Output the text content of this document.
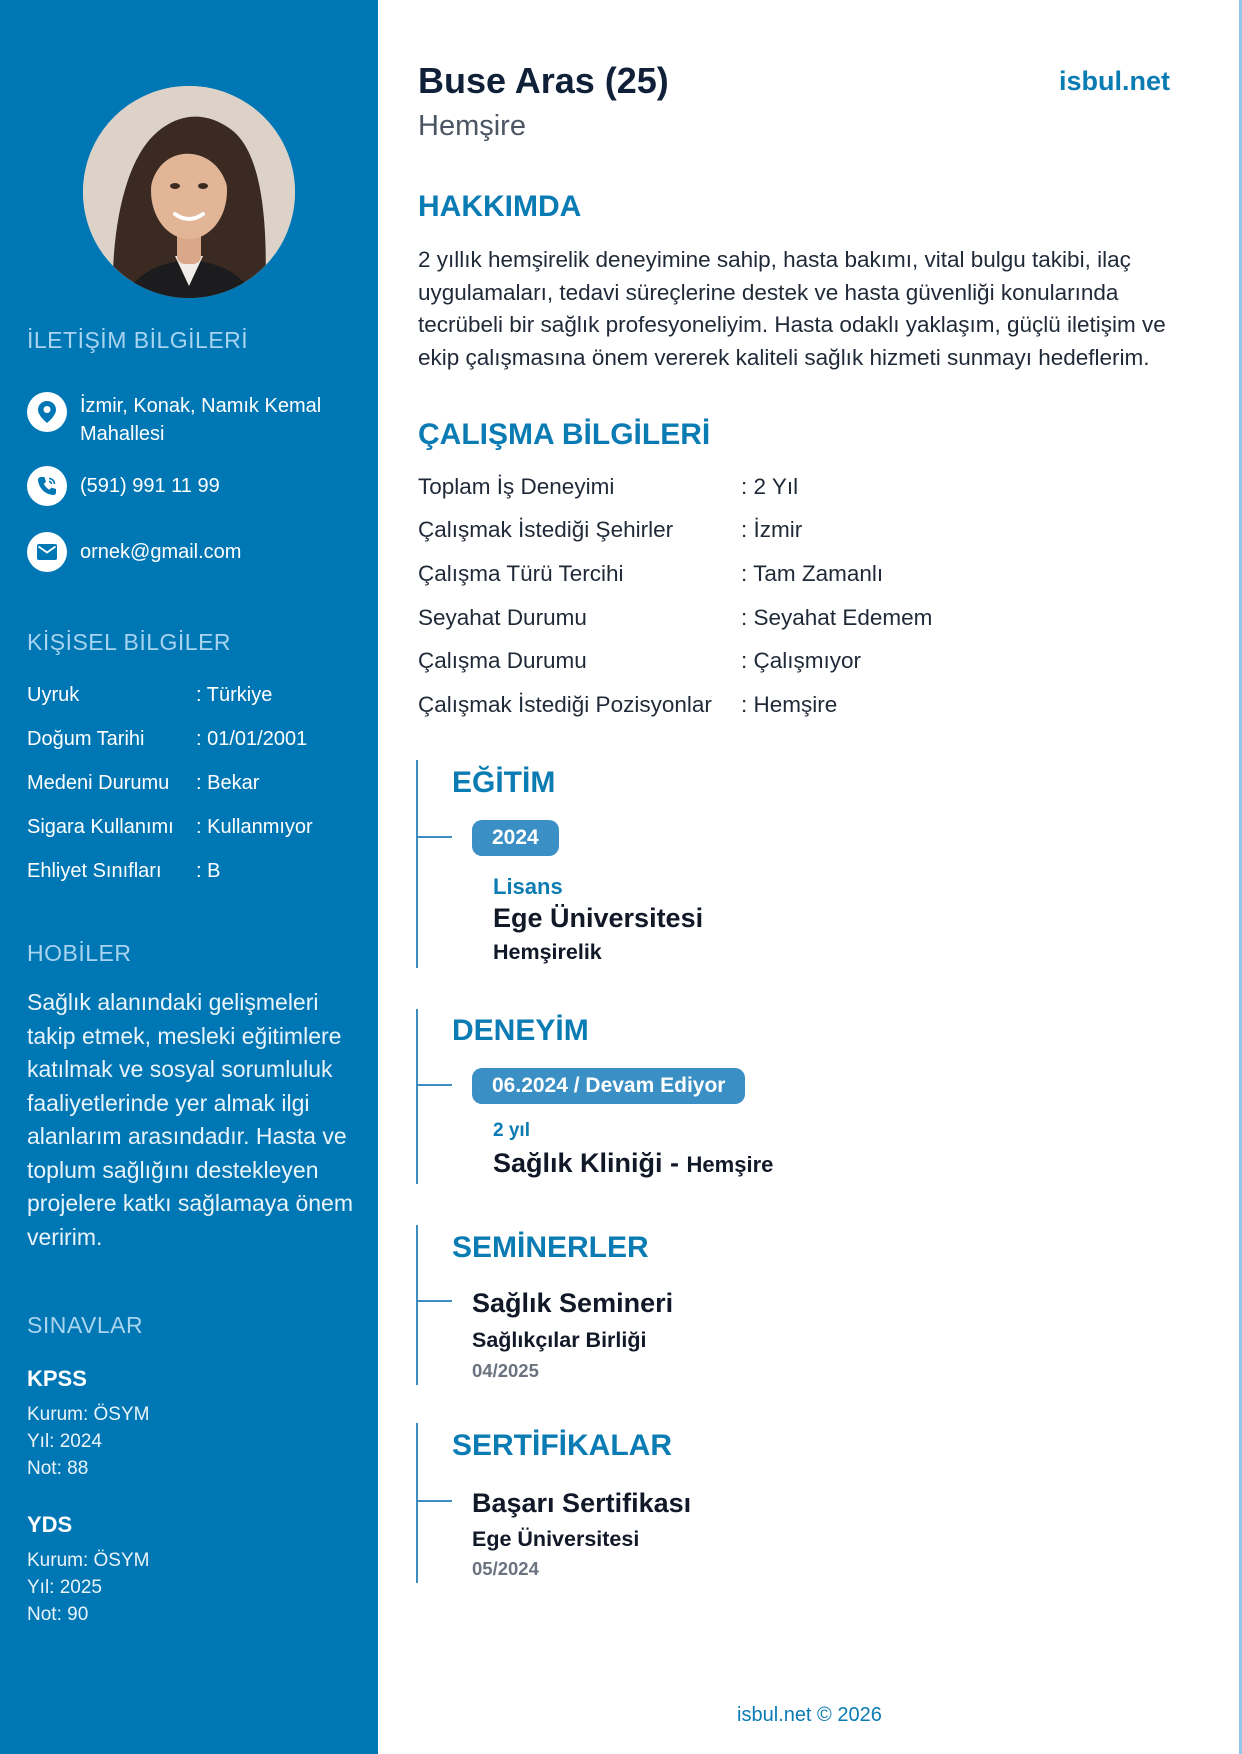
İLETİŞİM BİLGİLERİ
İzmir, Konak, Namık Kemal Mahallesi
(591) 991 11 99
ornek@gmail.com
KİŞİSEL BİLGİLER
Uyruk	: Türkiye
Doğum Tarihi	: 01/01/2001
Medeni Durumu	: Bekar
Sigara Kullanımı	: Kullanmıyor
Ehliyet Sınıfları	: B
HOBİLER
Sağlık alanındaki gelişmeleri takip etmek, mesleki eğitimlere katılmak ve sosyal sorumluluk faaliyetlerinde yer almak ilgi alanlarım arasındadır. Hasta ve toplum sağlığını destekleyen projelere katkı sağlamaya önem veririm.
SINAVLAR
KPSS
Kurum: ÖSYM
Yıl: 2024
Not: 88
YDS
Kurum: ÖSYM
Yıl: 2025
Not: 90
Buse Aras (25)
Hemşire
isbul.net
HAKKIMDA
2 yıllık hemşirelik deneyimine sahip, hasta bakımı, vital bulgu takibi, ilaç uygulamaları, tedavi süreçlerine destek ve hasta güvenliği konularında tecrübeli bir sağlık profesyoneliyim. Hasta odaklı yaklaşım, güçlü iletişim ve ekip çalışmasına önem vererek kaliteli sağlık hizmeti sunmayı hedeflerim.
ÇALIŞMA BİLGİLERİ
Toplam İş Deneyimi	: 2 Yıl
Çalışmak İstediği Şehirler	: İzmir
Çalışma Türü Tercihi	: Tam Zamanlı
Seyahat Durumu	: Seyahat Edemem
Çalışma Durumu	: Çalışmıyor
Çalışmak İstediği Pozisyonlar	: Hemşire
EĞİTİM
2024
Lisans
Ege Üniversitesi
Hemşirelik
DENEYİM
06.2024 / Devam Ediyor
2 yıl
Sağlık Kliniği - Hemşire
SEMİNERLER
Sağlık Semineri
Sağlıkçılar Birliği
04/2025
SERTİFİKALAR
Başarı Sertifikası
Ege Üniversitesi
05/2024
isbul.net © 2026
